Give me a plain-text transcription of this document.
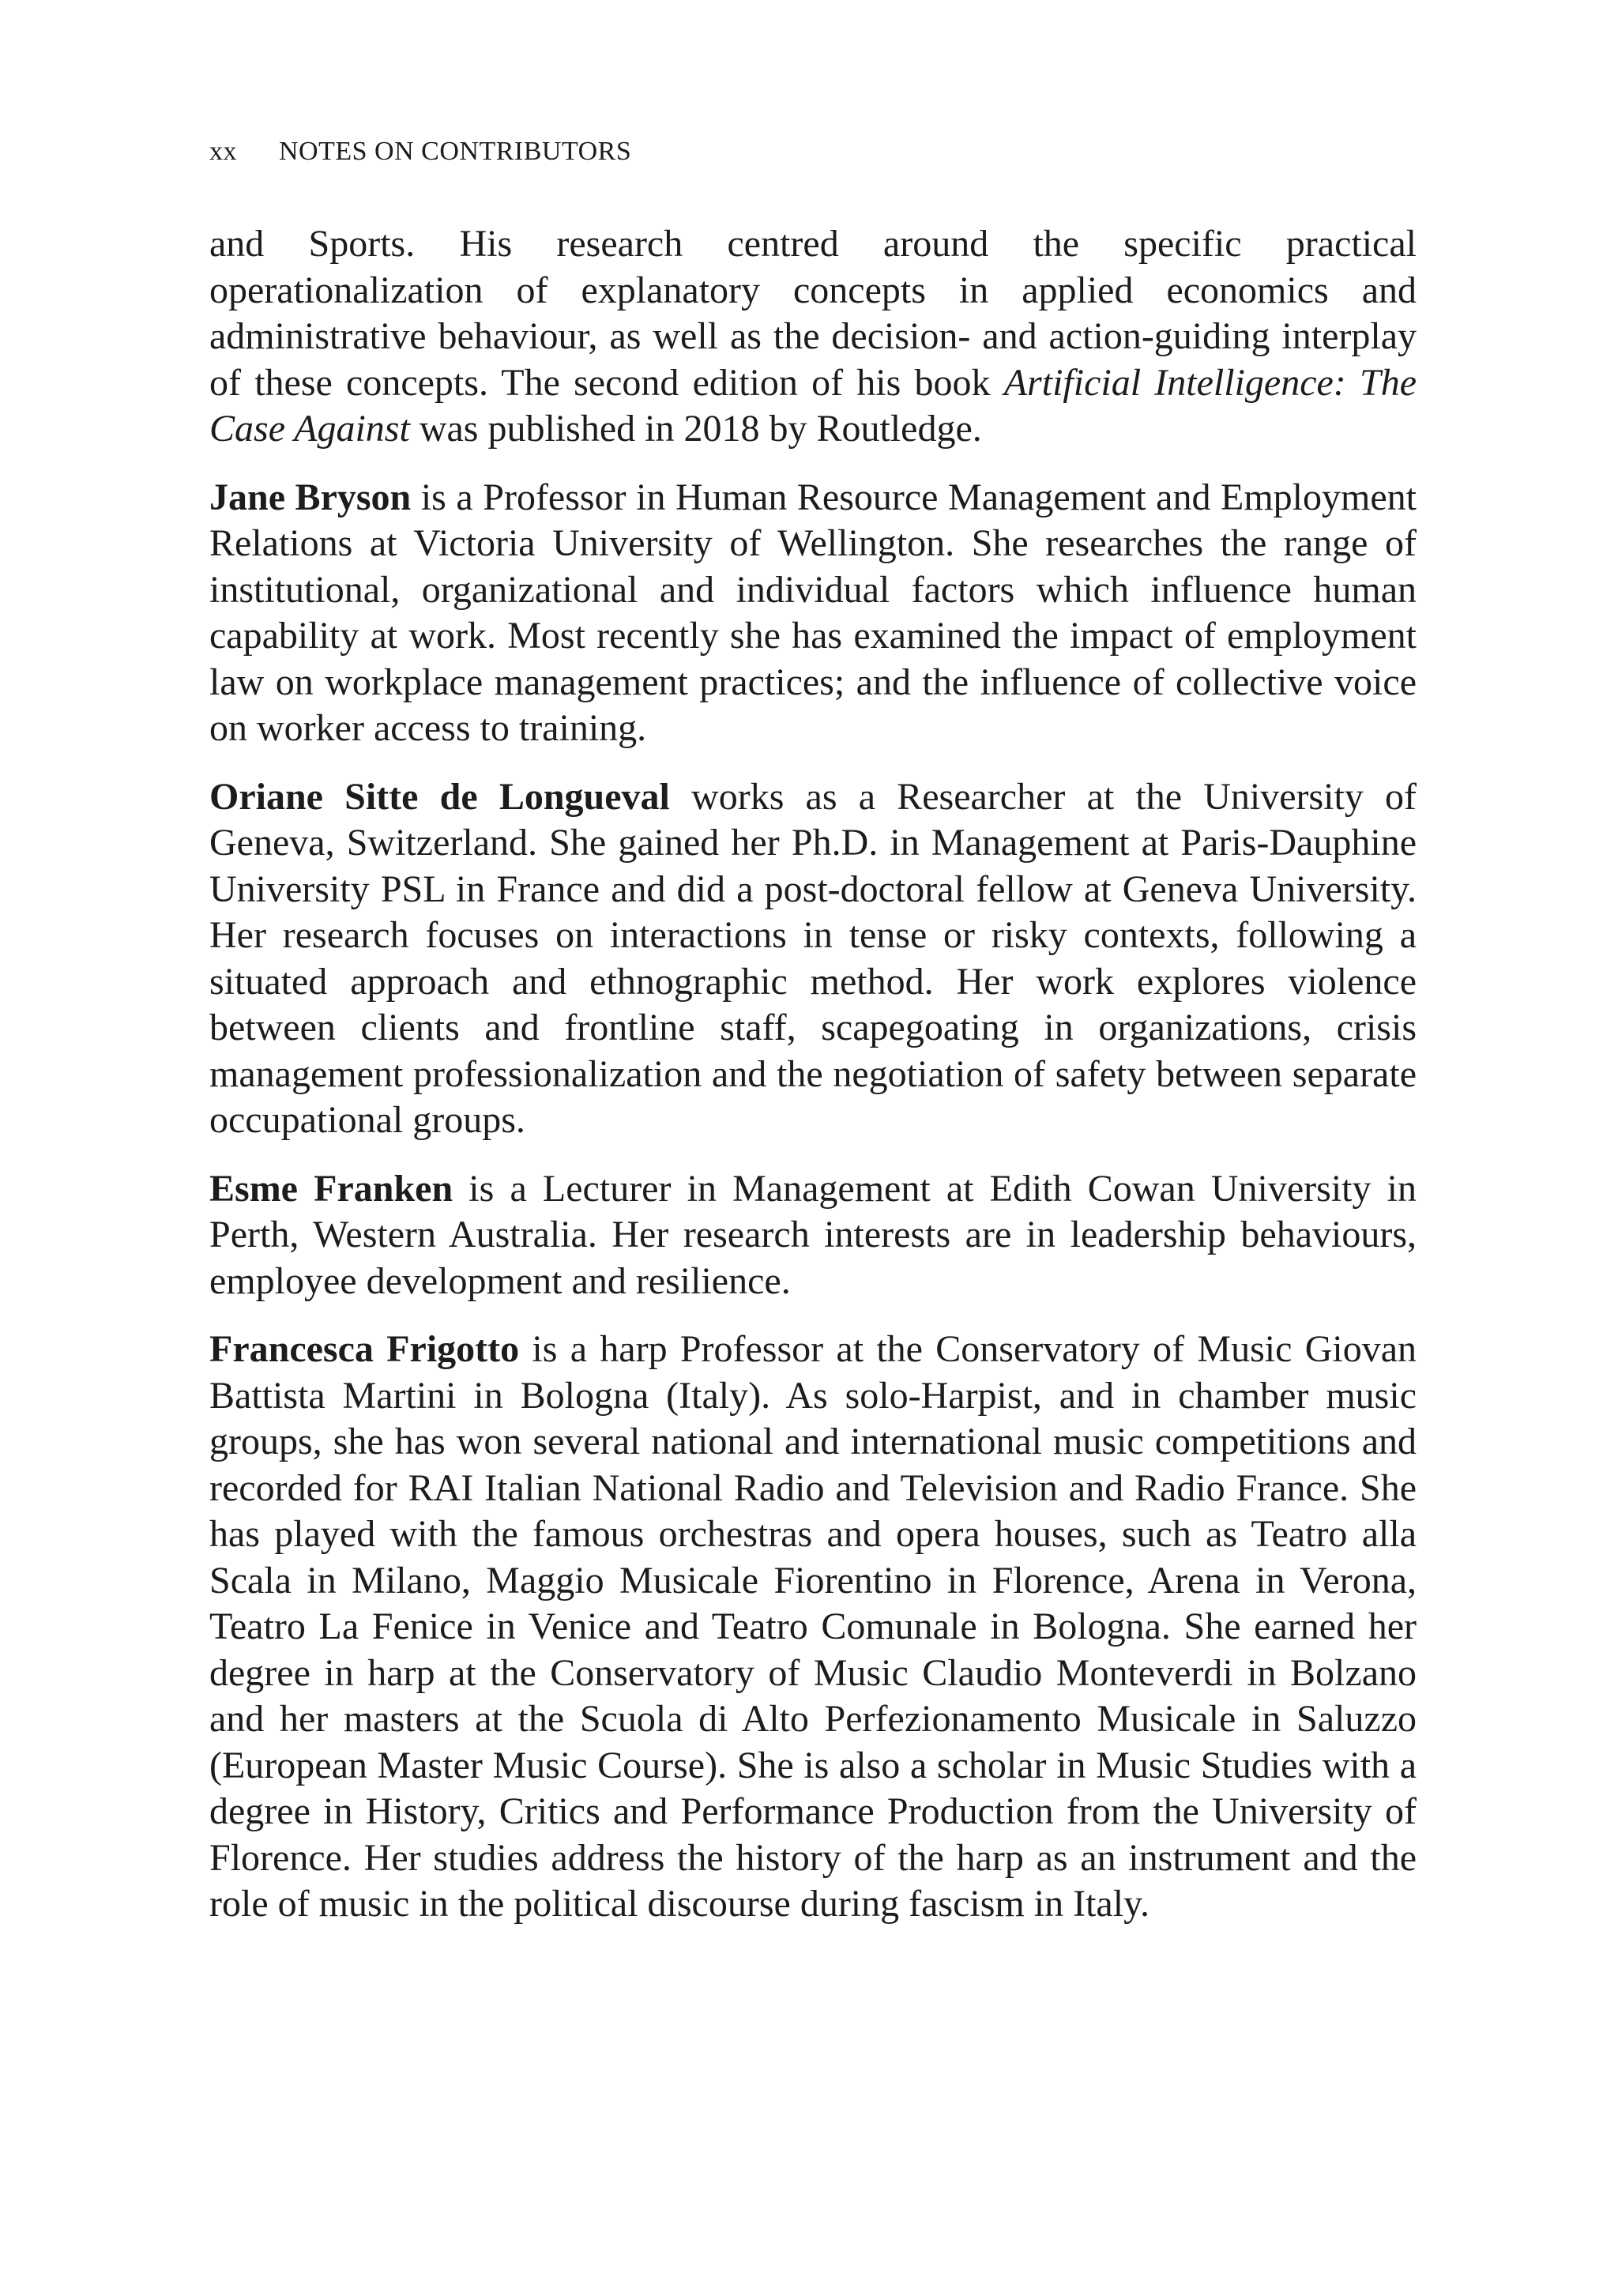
xx NOTES ON CONTRIBUTORS

and Sports. His research centred around the specific practical operationalization of explanatory concepts in applied economics and administrative behaviour, as well as the decision- and action-guiding interplay of these concepts. The second edition of his book Artificial Intelligence: The Case Against was published in 2018 by Routledge.

Jane Bryson is a Professor in Human Resource Management and Employment Relations at Victoria University of Wellington. She researches the range of institutional, organizational and individual factors which influence human capability at work. Most recently she has examined the impact of employment law on workplace management practices; and the influence of collective voice on worker access to training.

Oriane Sitte de Longueval works as a Researcher at the University of Geneva, Switzerland. She gained her Ph.D. in Management at Paris-Dauphine University PSL in France and did a post-doctoral fellow at Geneva University. Her research focuses on interactions in tense or risky contexts, following a situated approach and ethnographic method. Her work explores violence between clients and frontline staff, scapegoating in organizations, crisis management professionalization and the negotiation of safety between separate occupational groups.

Esme Franken is a Lecturer in Management at Edith Cowan University in Perth, Western Australia. Her research interests are in leadership behaviours, employee development and resilience.

Francesca Frigotto is a harp Professor at the Conservatory of Music Giovan Battista Martini in Bologna (Italy). As solo-Harpist, and in chamber music groups, she has won several national and international music competitions and recorded for RAI Italian National Radio and Television and Radio France. She has played with the famous orchestras and opera houses, such as Teatro alla Scala in Milano, Maggio Musicale Fiorentino in Florence, Arena in Verona, Teatro La Fenice in Venice and Teatro Comunale in Bologna. She earned her degree in harp at the Conservatory of Music Claudio Monteverdi in Bolzano and her masters at the Scuola di Alto Perfezionamento Musicale in Saluzzo (European Master Music Course). She is also a scholar in Music Studies with a degree in History, Critics and Performance Production from the University of Florence. Her studies address the history of the harp as an instrument and the role of music in the political discourse during fascism in Italy.
